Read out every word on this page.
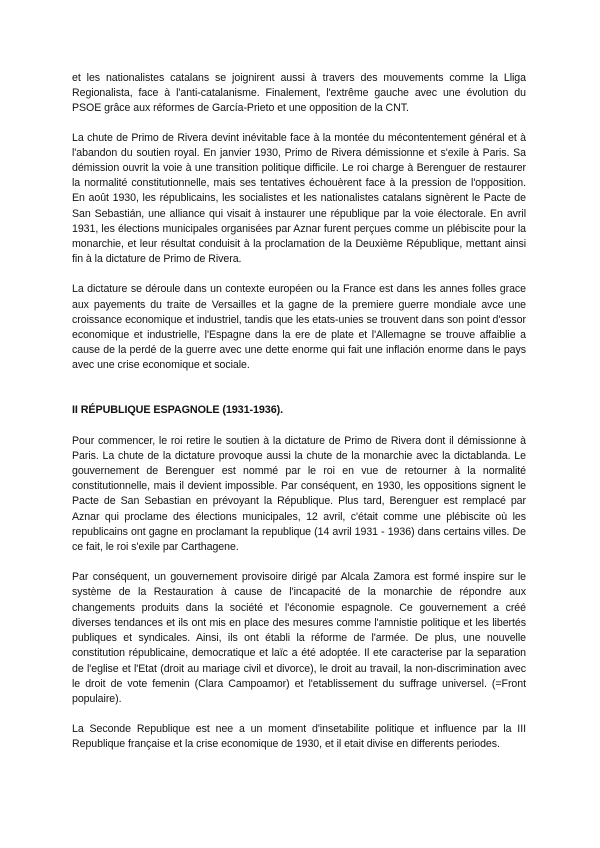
et les nationalistes catalans se joignirent aussi à travers des mouvements comme la Lliga Regionalista, face à l'anti-catalanisme. Finalement, l'extrême gauche avec une évolution du PSOE grâce aux réformes de García-Prieto et une opposition de la CNT.

La chute de Primo de Rivera devint inévitable face à la montée du mécontentement général et à l'abandon du soutien royal. En janvier 1930, Primo de Rivera démissionne et s'exile à Paris. Sa démission ouvrit la voie à une transition politique difficile. Le roi charge à Berenguer de restaurer la normalité constitutionnelle, mais ses tentatives échouèrent face à la pression de l'opposition. En août 1930, les républicains, les socialistes et les nationalistes catalans signèrent le Pacte de San Sebastián, une alliance qui visait à instaurer une république par la voie électorale. En avril 1931, les élections municipales organisées par Aznar furent perçues comme un plébiscite pour la monarchie, et leur résultat conduisit à la proclamation de la Deuxième République, mettant ainsi fin à la dictature de Primo de Rivera.

La dictature se déroule dans un contexte européen ou la France est dans les annes folles grace aux payements du traite de Versailles et la gagne de la premiere guerre mondiale avce une croissance economique et industriel, tandis que les etats-unies se trouvent dans son point d'essor economique et industrielle, l'Espagne dans la ere de plate et l'Allemagne se trouve affaiblie a cause de la perdé de la guerre avec une dette enorme qui fait une inflación enorme dans le pays avec une crise economique et sociale.

II RÉPUBLIQUE ESPAGNOLE (1931-1936).

Pour commencer, le roi retire le soutien à la dictature de Primo de Rivera dont il démissionne à Paris. La chute de la dictature provoque aussi la chute de la monarchie avec la dictablanda. Le gouvernement de Berenguer est nommé par le roi en vue de retourner à la normalité constitutionnelle, mais il devient impossible. Par conséquent, en 1930, les oppositions signent le Pacte de San Sebastian en prévoyant la République. Plus tard, Berenguer est remplacé par Aznar qui proclame des élections municipales, 12 avril, c'était comme une plébiscite où les republicains ont gagne en proclamant la republique (14 avril 1931 - 1936) dans certains villes. De ce fait, le roi s'exile par Carthagene.

Par conséquent, un gouvernement provisoire dirigé par Alcala Zamora est formé inspire sur le système de la Restauration à cause de l'incapacité de la monarchie de répondre aux changements produits dans la société et l'économie espagnole. Ce gouvernement a créé diverses tendances et ils ont mis en place des mesures comme l'amnistie politique et les libertés publiques et syndicales. Ainsi, ils ont établi la réforme de l'armée. De plus, une nouvelle constitution républicaine, democratique et laïc a été adoptée. Il ete caracterise par la separation de l'eglise et l'Etat (droit au mariage civil et divorce), le droit au travail, la non-discrimination avec le droit de vote femenin (Clara Campoamor) et l'etablissement du suffrage universel. (=Front populaire).

La Seconde Republique est nee a un moment d'insetabilite politique et influence par la III Republique française et la crise economique de 1930, et il etait divise en differents periodes.
